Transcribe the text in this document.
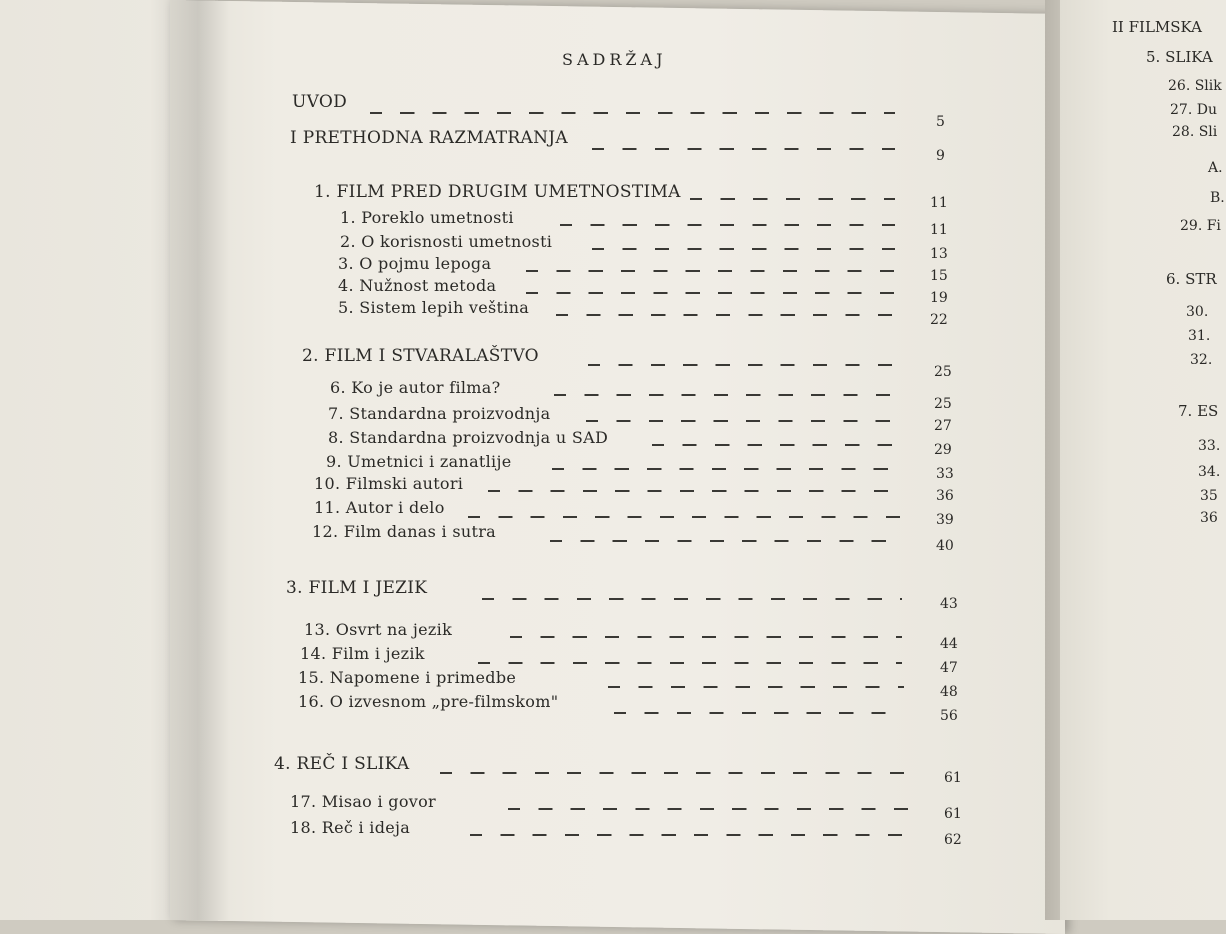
II FILMSKA
5. SLIKA
26. Slik
27. Du
28. Sli
A.
B.
29. Fi
6. STR
30.
31.
32.
7. ES
33.
34.
35
36
SADRŽAJ
UVOD
5
I PRETHODNA RAZMATRANJA
9
1. FILM PRED DRUGIM UMETNOSTIMA
11
1. Poreklo umetnosti
11
2. O korisnosti umetnosti
13
3. O pojmu lepoga
15
4. Nužnost metoda
19
5. Sistem lepih veština
22
2. FILM I STVARALAŠTVO
25
6. Ko je autor filma?
25
7. Standardna proizvodnja
27
8. Standardna proizvodnja u SAD
29
9. Umetnici i zanatlije
33
10. Filmski autori
36
11. Autor i delo
39
12. Film danas i sutra
40
3. FILM I JEZIK
43
13. Osvrt na jezik
44
14. Film i jezik
47
15. Napomene i primedbe
48
16. O izvesnom „pre-filmskom"
56
4. REČ I SLIKA
61
17. Misao i govor
61
18. Reč i ideja
62
